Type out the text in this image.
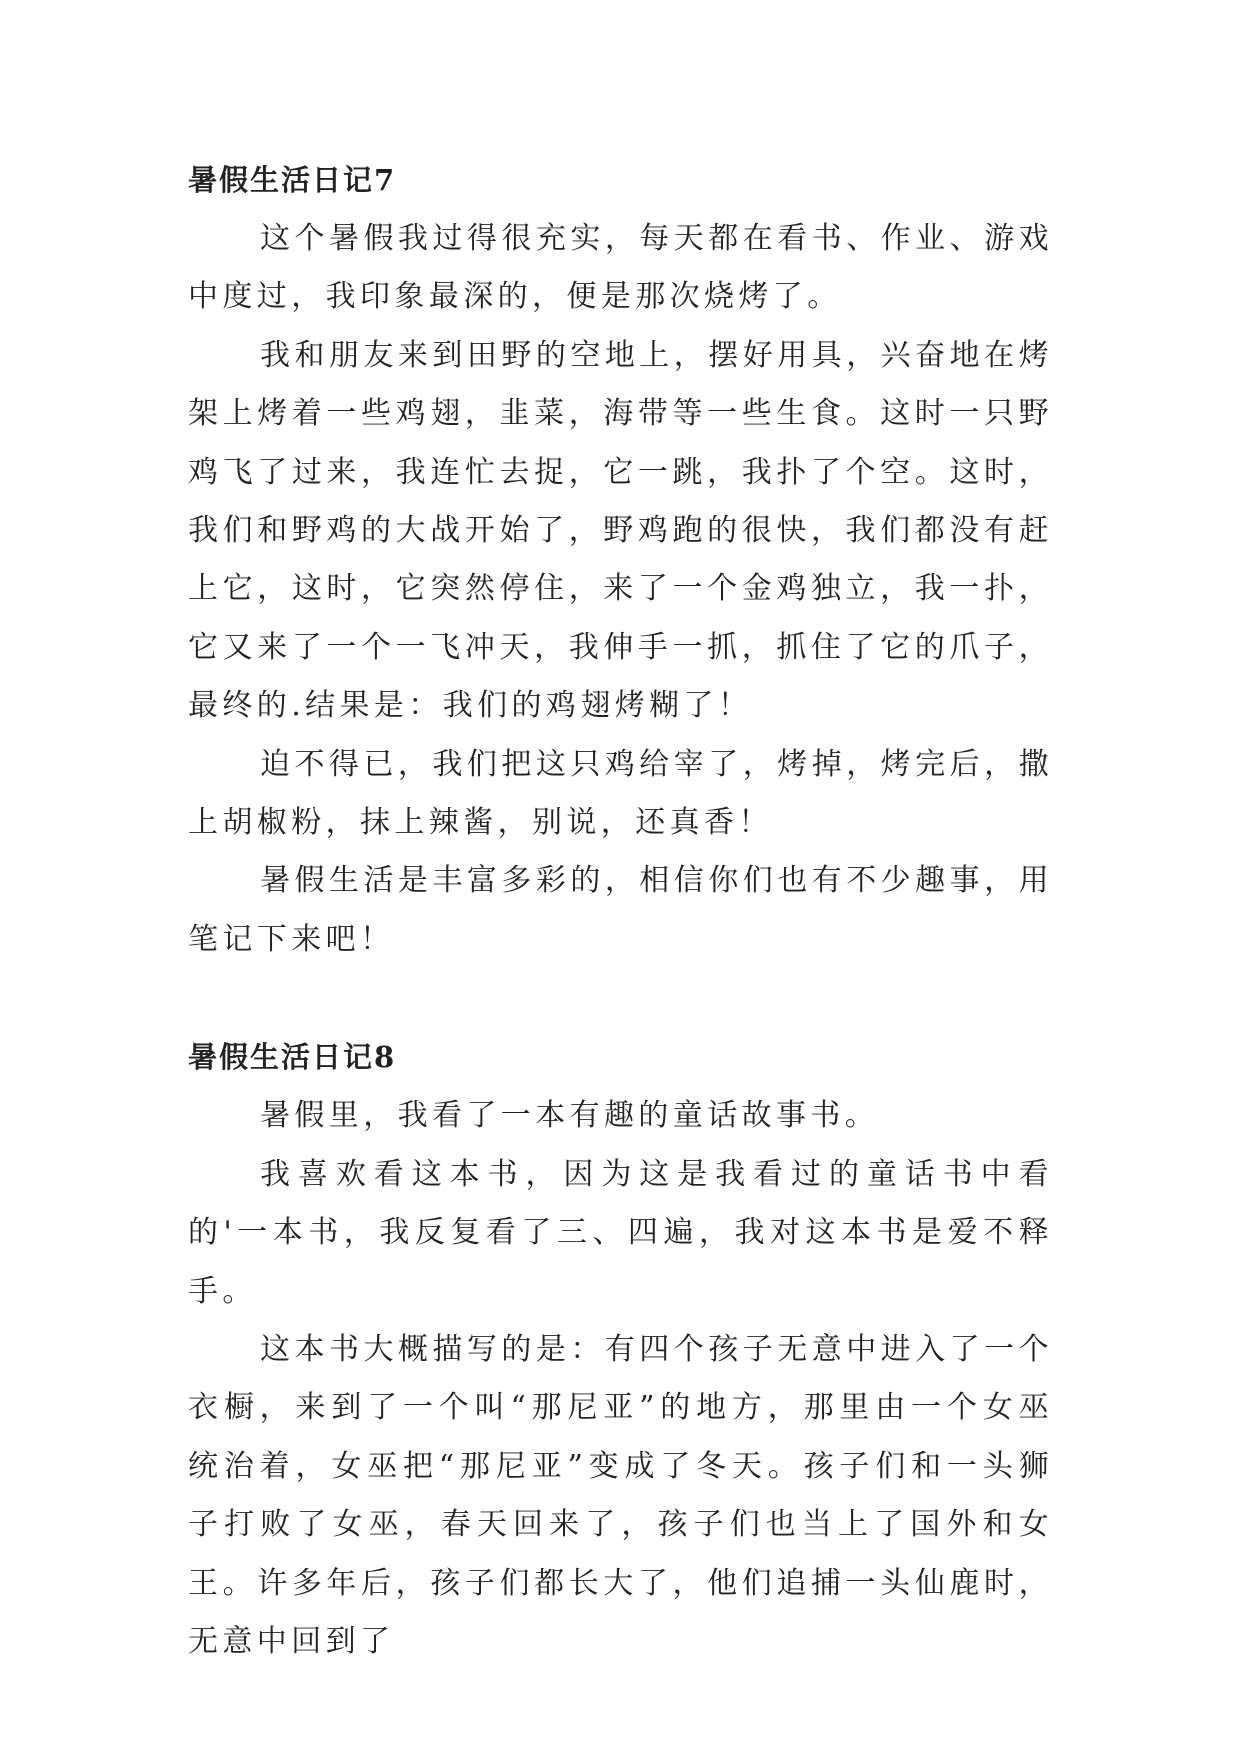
暑假生活日记7

这个暑假我过得很充实，每天都在看书、作业、游戏中度过，我印象最深的，便是那次烧烤了。

我和朋友来到田野的空地上，摆好用具，兴奋地在烤架上烤着一些鸡翅，韭菜，海带等一些生食。这时一只野鸡飞了过来，我连忙去捉，它一跳，我扑了个空。这时，我们和野鸡的大战开始了，野鸡跑的很快，我们都没有赶上它，这时，它突然停住，来了一个金鸡独立，我一扑，它又来了一个一飞冲天，我伸手一抓，抓住了它的爪子，最终的.结果是：我们的鸡翅烤糊了！

迫不得已，我们把这只鸡给宰了，烤掉，烤完后，撒上胡椒粉，抹上辣酱，别说，还真香！

暑假生活是丰富多彩的，相信你们也有不少趣事，用笔记下来吧！

暑假生活日记8

暑假里，我看了一本有趣的童话故事书。

我喜欢看这本书，因为这是我看过的童话书中看的'一本书，我反复看了三、四遍，我对这本书是爱不释手。

这本书大概描写的是：有四个孩子无意中进入了一个衣橱，来到了一个叫“那尼亚”的地方，那里由一个女巫统治着，女巫把“那尼亚”变成了冬天。孩子们和一头狮子打败了女巫，春天回来了，孩子们也当上了国外和女王。许多年后，孩子们都长大了，他们追捕一头仙鹿时，无意中回到了
